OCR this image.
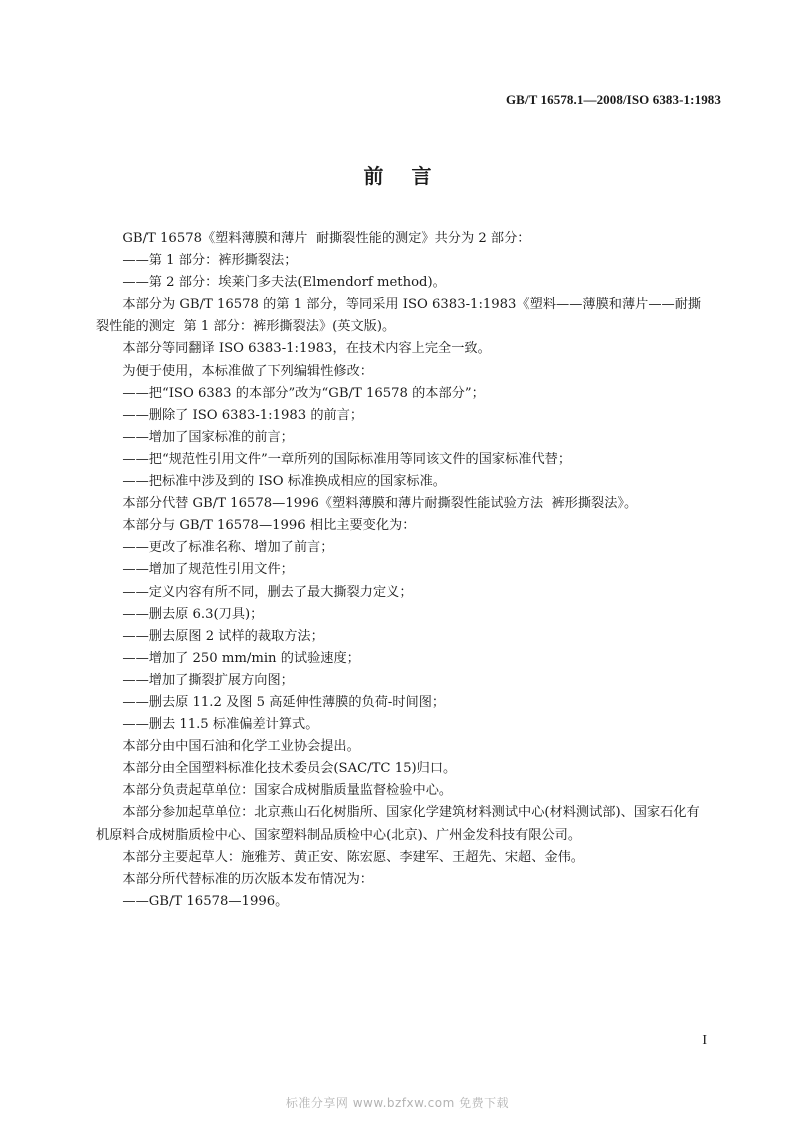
GB/T 16578.1—2008/ISO 6383-1:1983
前言

GB/T 16578《塑料薄膜和薄片  耐撕裂性能的测定》共分为 2 部分：

——第 1 部分：裤形撕裂法；

——第 2 部分：埃莱门多夫法(Elmendorf method)。

本部分为 GB/T 16578 的第 1 部分，等同采用 ISO 6383-1:1983《塑料——薄膜和薄片——耐撕裂性能的测定  第 1 部分：裤形撕裂法》(英文版)。

本部分等同翻译 ISO 6383-1:1983，在技术内容上完全一致。

为便于使用，本标准做了下列编辑性修改：

——把“ISO 6383 的本部分”改为“GB/T 16578 的本部分”；

——删除了 ISO 6383-1:1983 的前言；

——增加了国家标准的前言；

——把“规范性引用文件”一章所列的国际标准用等同该文件的国家标准代替；

——把标准中涉及到的 ISO 标准换成相应的国家标准。

本部分代替 GB/T 16578—1996《塑料薄膜和薄片耐撕裂性能试验方法  裤形撕裂法》。

本部分与 GB/T 16578—1996 相比主要变化为：

——更改了标准名称、增加了前言；

——增加了规范性引用文件；

——定义内容有所不同，删去了最大撕裂力定义；

——删去原 6.3(刀具)；

——删去原图 2 试样的裁取方法；

——增加了 250 mm/min 的试验速度；

——增加了撕裂扩展方向图；

——删去原 11.2 及图 5 高延伸性薄膜的负荷-时间图；

——删去 11.5 标准偏差计算式。

本部分由中国石油和化学工业协会提出。

本部分由全国塑料标准化技术委员会(SAC/TC 15)归口。

本部分负责起草单位：国家合成树脂质量监督检验中心。

本部分参加起草单位：北京燕山石化树脂所、国家化学建筑材料测试中心(材料测试部)、国家石化有机原料合成树脂质检中心、国家塑料制品质检中心(北京)、广州金发科技有限公司。

本部分主要起草人：施雅芳、黄正安、陈宏愿、李建军、王超先、宋超、金伟。

本部分所代替标准的历次版本发布情况为：

——GB/T 16578—1996。

I
标准分享网 www.bzfxw.com 免费下载
